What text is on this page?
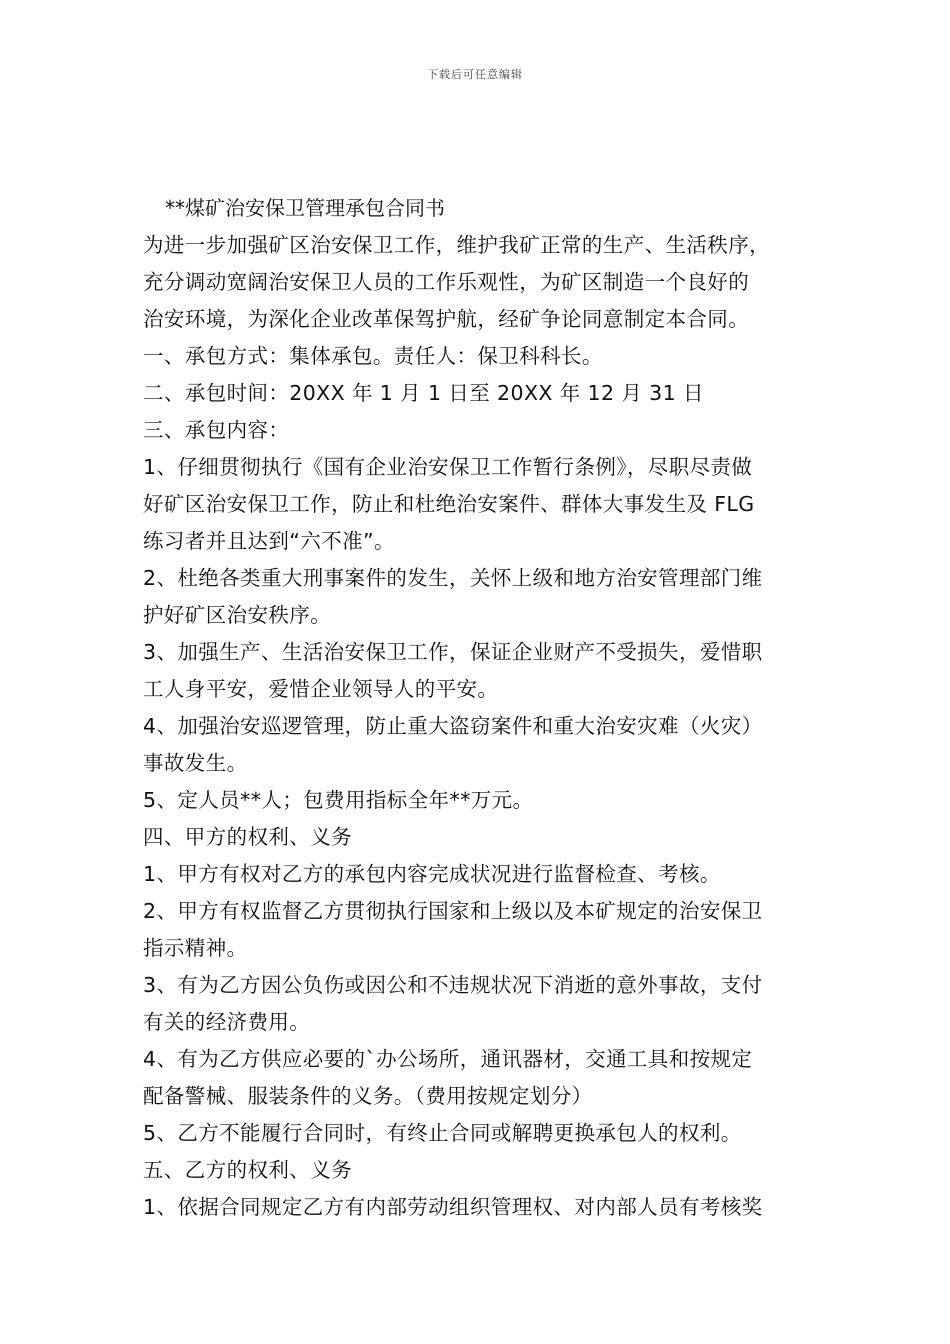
下载后可任意编辑
**煤矿治安保卫管理承包合同书
为进一步加强矿区治安保卫工作，维护我矿正常的生产、生活秩序，
充分调动宽阔治安保卫人员的工作乐观性，为矿区制造一个良好的
治安环境，为深化企业改革保驾护航，经矿争论同意制定本合同。
一、承包方式：集体承包。责任人：保卫科科长。
二、承包时间：20XX 年 1 月 1 日至 20XX 年 12 月 31 日
三、承包内容：
1、仔细贯彻执行《国有企业治安保卫工作暂行条例》，尽职尽责做
好矿区治安保卫工作，防止和杜绝治安案件、群体大事发生及 FLG
练习者并且达到“六不准”。
2、杜绝各类重大刑事案件的发生，关怀上级和地方治安管理部门维
护好矿区治安秩序。
3、加强生产、生活治安保卫工作，保证企业财产不受损失，爱惜职
工人身平安，爱惜企业领导人的平安。
4、加强治安巡逻管理，防止重大盗窃案件和重大治安灾难（火灾）
事故发生。
5、定人员**人；包费用指标全年**万元。
四、甲方的权利、义务
1、甲方有权对乙方的承包内容完成状况进行监督检查、考核。
2、甲方有权监督乙方贯彻执行国家和上级以及本矿规定的治安保卫
指示精神。
3、有为乙方因公负伤或因公和不违规状况下消逝的意外事故，支付
有关的经济费用。
4、有为乙方供应必要的`办公场所，通讯器材，交通工具和按规定
配备警械、服装条件的义务。（费用按规定划分）
5、乙方不能履行合同时，有终止合同或解聘更换承包人的权利。
五、乙方的权利、义务
1、依据合同规定乙方有内部劳动组织管理权、对内部人员有考核奖
